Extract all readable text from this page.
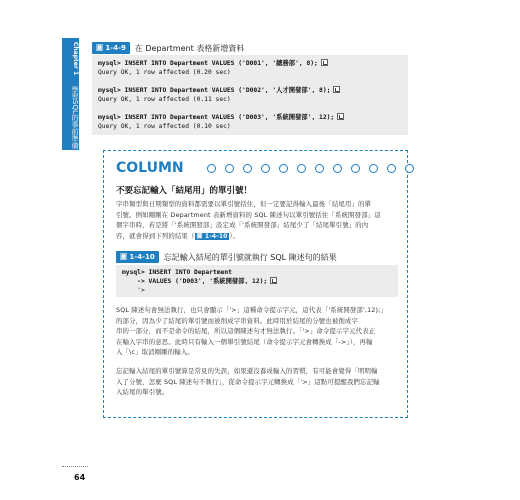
Chapter 1
學習SQL的事前準備
圖 1-4-9	在 Department 表格新增資料
mysql> INSERT INTO Department VALUES ('D001', '總務部', 8);
Query OK, 1 row affected (0.20 sec)
mysql> INSERT INTO Department VALUES ('D002', '人才開發部', 8);
Query OK, 1 row affected (0.11 sec)
mysql> INSERT INTO Department VALUES ('D003', '系統開發部', 12);
Query OK, 1 row affected (0.10 sec)
COLUMN
不要忘記輸入「結尾用」的單引號！
字串類型與日期類型的資料都需要以單引號括住，但一定要記得輸入最後「結尾用」的單
引號。例如剛剛在 Department 表新增資料的 SQL 陳述句以單引號括住「系統開發部」這
個字串時，若是將「'系統開發部」設定成「'系統開發部」結尾少了「結尾單引號」的內
容，就會得到下列的結果（ 圖 1-4-10 ）。
圖 1-4-10	忘記輸入結尾的單引號就執行 SQL 陳述句的結果
mysql> INSERT INTO Department
-> VALUES ('D003', '系統開發部, 12);
'>
SQL 陳述句會無法執行，也只會顯示「'>」這種命令提示字元，這代表「'系統開發部',12);」
的部分，因為少了結尾的單引號而被削成字串資料。此時用於結尾的分號也被削成字
串的一部分，而不是命令的結尾，所以這個陳述句才無法執行。「'>」命令提示字元代表正
在輸入字串的意思。此時只有輸入一個單引號結尾（命令提示字元會轉換成「->」），再輸
入「\c」取消剛剛的輸入。
忘記輸入結尾的單引號算是常見的失誤，如果還沒養成輸入的習慣，有可能會覺得「明明輸
入了分號，怎麼 SQL 陳述句不執行」，從命令提示字元轉換成「'>」這點可提醒我們忘記輸
入結尾的單引號。
64
